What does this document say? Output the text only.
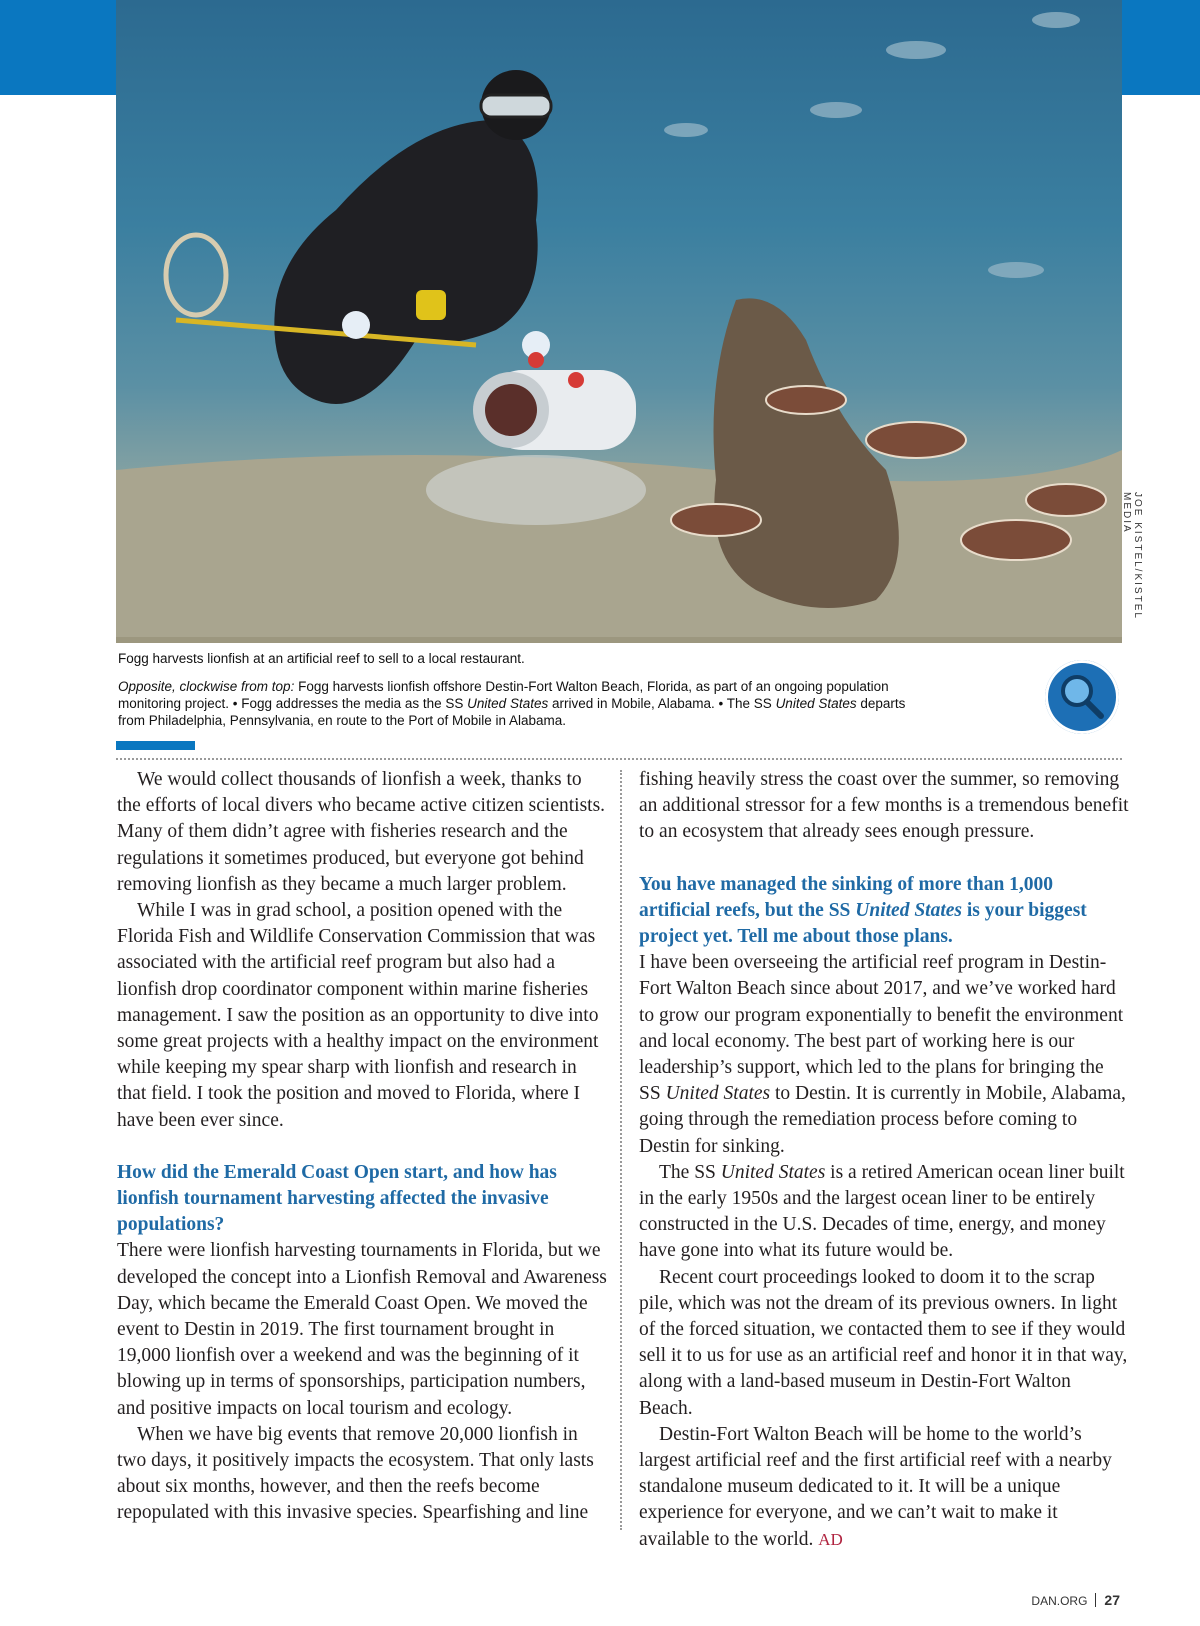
JOE KISTEL/KISTEL MEDIA
Fogg harvests lionfish at an artificial reef to sell to a local restaurant.
Opposite, clockwise from top: Fogg harvests lionfish offshore Destin-Fort Walton Beach, Florida, as part of an ongoing population monitoring project. • Fogg addresses the media as the SS United States arrived in Mobile, Alabama. • The SS United States departs from Philadelphia, Pennsylvania, en route to the Port of Mobile in Alabama.

We would collect thousands of lionfish a week, thanks to the efforts of local divers who became active citizen scientists. Many of them didn’t agree with fisheries research and the regulations it sometimes produced, but everyone got behind removing lionfish as they became a much larger problem.

While I was in grad school, a position opened with the Florida Fish and Wildlife Conservation Commission that was associated with the artificial reef program but also had a lionfish drop coordinator component within marine fisheries management. I saw the position as an opportunity to dive into some great projects with a healthy impact on the environment while keeping my spear sharp with lionfish and research in that field. I took the position and moved to Florida, where I have been ever since.

How did the Emerald Coast Open start, and how has lionfish tournament harvesting affected the invasive populations?

There were lionfish harvesting tournaments in Florida, but we developed the concept into a Lionfish Removal and Awareness Day, which became the Emerald Coast Open. We moved the event to Destin in 2019. The first tournament brought in 19,000 lionfish over a weekend and was the beginning of it blowing up in terms of sponsorships, participation numbers, and positive impacts on local tourism and ecology.

When we have big events that remove 20,000 lionfish in two days, it positively impacts the ecosystem. That only lasts about six months, however, and then the reefs become repopulated with this invasive species. Spearfishing and line

fishing heavily stress the coast over the summer, so removing an additional stressor for a few months is a tremendous benefit to an ecosystem that already sees enough pressure.

You have managed the sinking of more than 1,000 artificial reefs, but the SS United States is your biggest project yet. Tell me about those plans.

I have been overseeing the artificial reef program in Destin-Fort Walton Beach since about 2017, and we’ve worked hard to grow our program exponentially to benefit the environment and local economy. The best part of working here is our leadership’s support, which led to the plans for bringing the SS United States to Destin. It is currently in Mobile, Alabama, going through the remediation process before coming to Destin for sinking.

The SS United States is a retired American ocean liner built in the early 1950s and the largest ocean liner to be entirely constructed in the U.S. Decades of time, energy, and money have gone into what its future would be.

Recent court proceedings looked to doom it to the scrap pile, which was not the dream of its previous owners. In light of the forced situation, we contacted them to see if they would sell it to us for use as an artificial reef and honor it in that way, along with a land-based museum in Destin-Fort Walton Beach.

Destin-Fort Walton Beach will be home to the world’s largest artificial reef and the first artificial reef with a nearby standalone museum dedicated to it. It will be a unique experience for everyone, and we can’t wait to make it available to the world. AD

DAN.ORG 27
